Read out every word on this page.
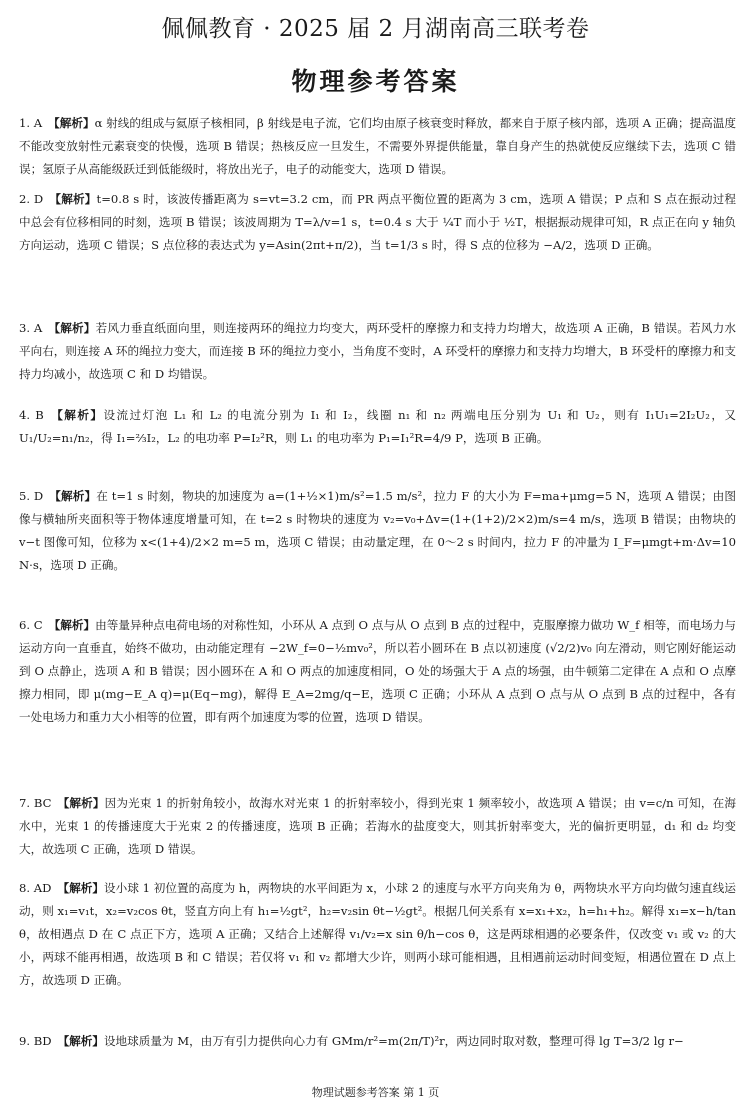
佩佩教育 · 2025 届 2 月湖南高三联考卷
物理参考答案

1. A 【解析】α 射线的组成与氦原子核相同，β 射线是电子流，它们均由原子核衰变时释放，都来自于原子核内部，选项 A 正确；提高温度不能改变放射性元素衰变的快慢，选项 B 错误；热核反应一旦发生，不需要外界提供能量，靠自身产生的热就使反应继续下去，选项 C 错误；氢原子从高能级跃迁到低能级时，将放出光子，电子的动能变大，选项 D 错误。

2. D 【解析】t=0.8 s 时，该波传播距离为 s=vt=3.2 cm，而 PR 两点平衡位置的距离为 3 cm，选项 A 错误；P 点和 S 点在振动过程中总会有位移相同的时刻，选项 B 错误；该波周期为 T=λ/v=1 s，t=0.4 s 大于 ¼T 而小于 ½T，根据振动规律可知，R 点正在向 y 轴负方向运动，选项 C 错误；S 点位移的表达式为 y=Asin(2πt+π/2)，当 t=1/3 s 时，得 S 点的位移为 −A/2，选项 D 正确。

3. A 【解析】若风力垂直纸面向里，则连接两环的绳拉力均变大，两环受杆的摩擦力和支持力均增大，故选项 A 正确，B 错误。若风力水平向右，则连接 A 环的绳拉力变大，而连接 B 环的绳拉力变小，当角度不变时，A 环受杆的摩擦力和支持力均增大，B 环受杆的摩擦力和支持力均减小，故选项 C 和 D 均错误。

4. B 【解析】设流过灯泡 L₁ 和 L₂ 的电流分别为 I₁ 和 I₂，线圈 n₁ 和 n₂ 两端电压分别为 U₁ 和 U₂，则有 I₁U₁=2I₂U₂，又 U₁/U₂=n₁/n₂，得 I₁=⅔I₂，L₂ 的电功率 P=I₂²R，则 L₁ 的电功率为 P₁=I₁²R=4/9 P，选项 B 正确。

5. D 【解析】在 t=1 s 时刻，物块的加速度为 a=(1+½×1)m/s²=1.5 m/s²，拉力 F 的大小为 F=ma+μmg=5 N，选项 A 错误；由图像与横轴所夹面积等于物体速度增量可知，在 t=2 s 时物块的速度为 v₂=v₀+Δv=(1+(1+2)/2×2)m/s=4 m/s，选项 B 错误；由物块的 v−t 图像可知，位移为 x<(1+4)/2×2 m=5 m，选项 C 错误；由动量定理，在 0～2 s 时间内，拉力 F 的冲量为 I_F=μmgt+m·Δv=10 N·s，选项 D 正确。

6. C 【解析】由等量异种点电荷电场的对称性知，小环从 A 点到 O 点与从 O 点到 B 点的过程中，克服摩擦力做功 W_f 相等，而电场力与运动方向一直垂直，始终不做功，由动能定理有 −2W_f=0−½mv₀²，所以若小圆环在 B 点以初速度 (√2/2)v₀ 向左滑动，则它刚好能运动到 O 点静止，选项 A 和 B 错误；因小圆环在 A 和 O 两点的加速度相同，O 处的场强大于 A 点的场强，由牛顿第二定律在 A 点和 O 点摩擦力相同，即 μ(mg−E_A q)=μ(Eq−mg)，解得 E_A=2mg/q−E，选项 C 正确；小环从 A 点到 O 点与从 O 点到 B 点的过程中，各有一处电场力和重力大小相等的位置，即有两个加速度为零的位置，选项 D 错误。

7. BC 【解析】因为光束 1 的折射角较小，故海水对光束 1 的折射率较小，得到光束 1 频率较小，故选项 A 错误；由 v=c/n 可知，在海水中，光束 1 的传播速度大于光束 2 的传播速度，选项 B 正确；若海水的盐度变大，则其折射率变大，光的偏折更明显，d₁ 和 d₂ 均变大，故选项 C 正确，选项 D 错误。

8. AD 【解析】设小球 1 初位置的高度为 h，两物块的水平间距为 x，小球 2 的速度与水平方向夹角为 θ，两物块水平方向均做匀速直线运动，则 x₁=v₁t，x₂=v₂cos θt，竖直方向上有 h₁=½gt²，h₂=v₂sin θt−½gt²。根据几何关系有 x=x₁+x₂，h=h₁+h₂。解得 x₁=x−h/tan θ，故相遇点 D 在 C 点正下方，选项 A 正确；又结合上述解得 v₁/v₂=x sin θ/h−cos θ，这是两球相遇的必要条件，仅改变 v₁ 或 v₂ 的大小，两球不能再相遇，故选项 B 和 C 错误；若仅将 v₁ 和 v₂ 都增大少许，则两小球可能相遇，且相遇前运动时间变短，相遇位置在 D 点上方，故选项 D 正确。

9. BD 【解析】设地球质量为 M，由万有引力提供向心力有 GMm/r²=m(2π/T)²r，两边同时取对数，整理可得 lg T=3/2 lg r−

物理试题参考答案 第 1 页
